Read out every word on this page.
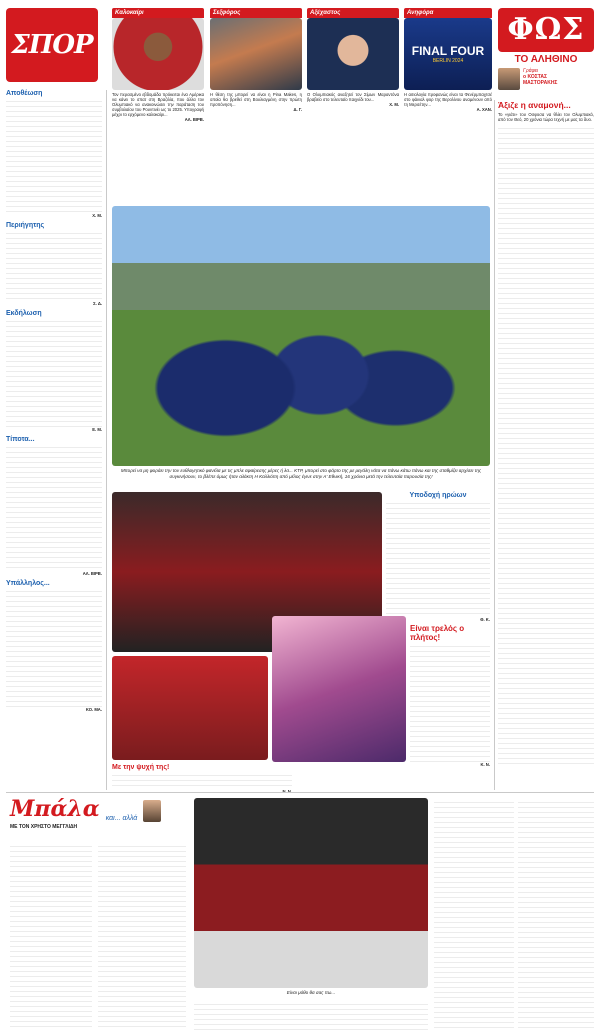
ΣΠΟΡ
Καλοκαίρι	Σεξφόρος	Αξέχαστος	Ανηφόρα
FINAL FOUR
BERLIN 2024
ΦΩΣ
ΤΟ ΑΛΗΘΙΝΟ
Γράφει
ο ΚΟΣΤΑΣ
ΜΑΣΤΟΡΑΚΗΣ
Τον περασμένο εβδομάδα πρόκειται ένα Αμέρικα να κάνει το σπατ στη Βραζιλία, που άλλα τον Ολυμπιακό να ανακοινώσει την παράταση του συμβολαίου του Ρουντινέι ως το 2025. Υπογραφή μέχρι το ερχόμενο καλοκαίρι...
ΑΛ. ΒΙΡΒ.
Η θέση της μπορεί να είναι η Pina Makes, η οποία θα βρεθεί στη Βουλιαγμένη στην πρώτη προπόνηση...
Δ. Γ.
Ο Ολυμπιακός αναζητεί τον Σίμων Μαραντόνα βραβείο στο τελευταίο παιχνίδι του...
Χ. Μ.
Η αιτιολογία προφανώς είναι τα Φενέρμπαχτσέ στο φάιναλ φορ της Βερολίνου αναμένουν από τη Μερσέτην...
Α. ΧΑΝ.
Αποθέωση
Χ. Μ.
Περιήγητης
Σ. Δ.
Εκδήλωση
Ε. Μ.
Τίποτα...
ΑΛ. ΒΙΡΒ.
Υπάλληλος...
ΚΟ. ΜΑ.
Μπορεί να μη φοράει την τον ευθλογητικό φανέλα με τις μπλε αφαίρεσης μέρες ή λα... ΚΤΡ, μπορεί στο φάρτο της με μεγάλη νάτα να πάνω κάτω πάνω και της σταθμίζει αρχίσει της συγκινήσουν, το βλέπε όμως ήταν αλάκτη Η Καλλιόπη από μέλος έγινε στην Α' Εθνική, 16 χρόνια μετά την τελευταία παρουσία της!
Υποδοχή ηρώων
Θ. Κ.
Είναι τρελός ο πλήτος!
Κ. Ν.
Με την ψυχή της!
Άξιζε η αναμονή...
Το «γιάτι» του Οσφοσα να θλίει τον Ολυμπιακό, από τον Θεό, 20 χρόνια τώρα τεχνή με μας τα δυο.
Μπάλα και... αλλά
ΜΕ ΤΟΝ ΧΡΗΣΤΟ ΜΕΓΓΛΙΔΗ
Είναι μόθο θα σας πω...
